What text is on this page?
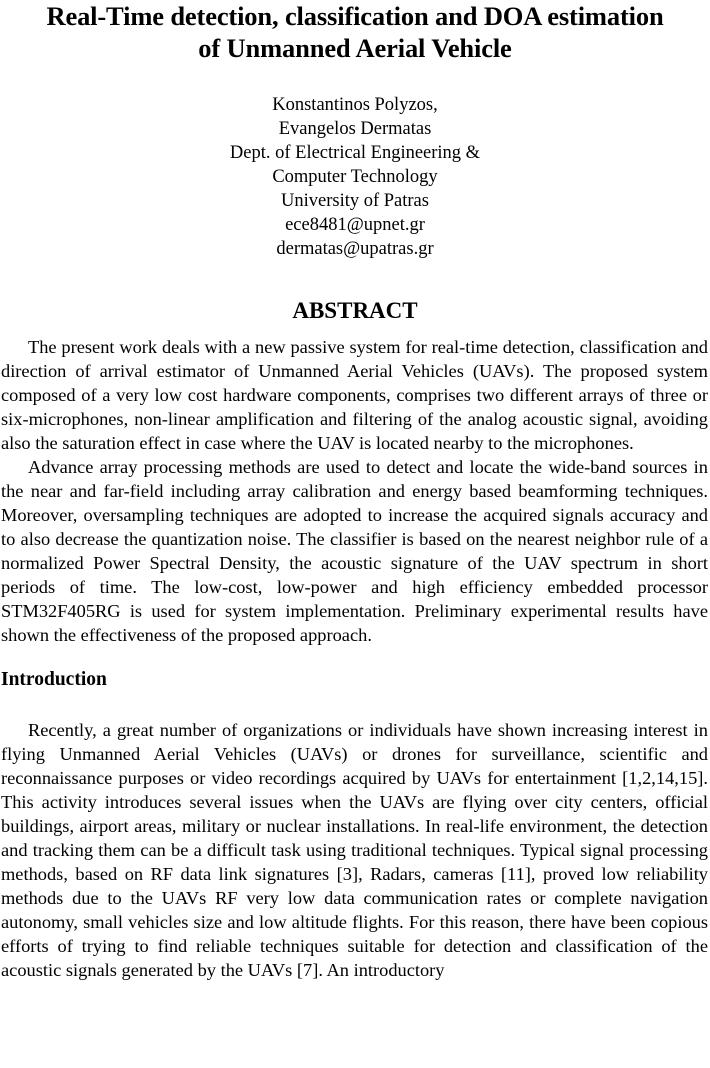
Real-Time detection, classification and DOA estimation
of Unmanned Aerial Vehicle
Konstantinos Polyzos,
Evangelos Dermatas
Dept. of Electrical Engineering &
Computer Technology
University of Patras
ece8481@upnet.gr
dermatas@upatras.gr
ABSTRACT

The present work deals with a new passive system for real-time detection, classification and direction of arrival estimator of Unmanned Aerial Vehicles (UAVs). The proposed system composed of a very low cost hardware components, comprises two different arrays of three or six-microphones, non-linear amplification and filtering of the analog acoustic signal, avoiding also the saturation effect in case where the UAV is located nearby to the microphones.

Advance array processing methods are used to detect and locate the wide-band sources in the near and far-field including array calibration and energy based beamforming techniques. Moreover, oversampling techniques are adopted to increase the acquired signals accuracy and to also decrease the quantization noise. The classifier is based on the nearest neighbor rule of a normalized Power Spectral Density, the acoustic signature of the UAV spectrum in short periods of time. The low-cost, low-power and high efficiency embedded processor STM32F405RG is used for system implementation. Preliminary experimental results have shown the effectiveness of the proposed approach.

Introduction

Recently, a great number of organizations or individuals have shown increasing interest in flying Unmanned Aerial Vehicles (UAVs) or drones for surveillance, scientific and reconnaissance purposes or video recordings acquired by UAVs for entertainment [1,2,14,15]. This activity introduces several issues when the UAVs are flying over city centers, official buildings, airport areas, military or nuclear installations. In real-life environment, the detection and tracking them can be a difficult task using traditional techniques. Typical signal processing methods, based on RF data link signatures [3], Radars, cameras [11], proved low reliability methods due to the UAVs RF very low data communication rates or complete navigation autonomy, small vehicles size and low altitude flights. For this reason, there have been copious efforts of trying to find reliable techniques suitable for detection and classification of the acoustic signals generated by the UAVs [7]. An introductory
